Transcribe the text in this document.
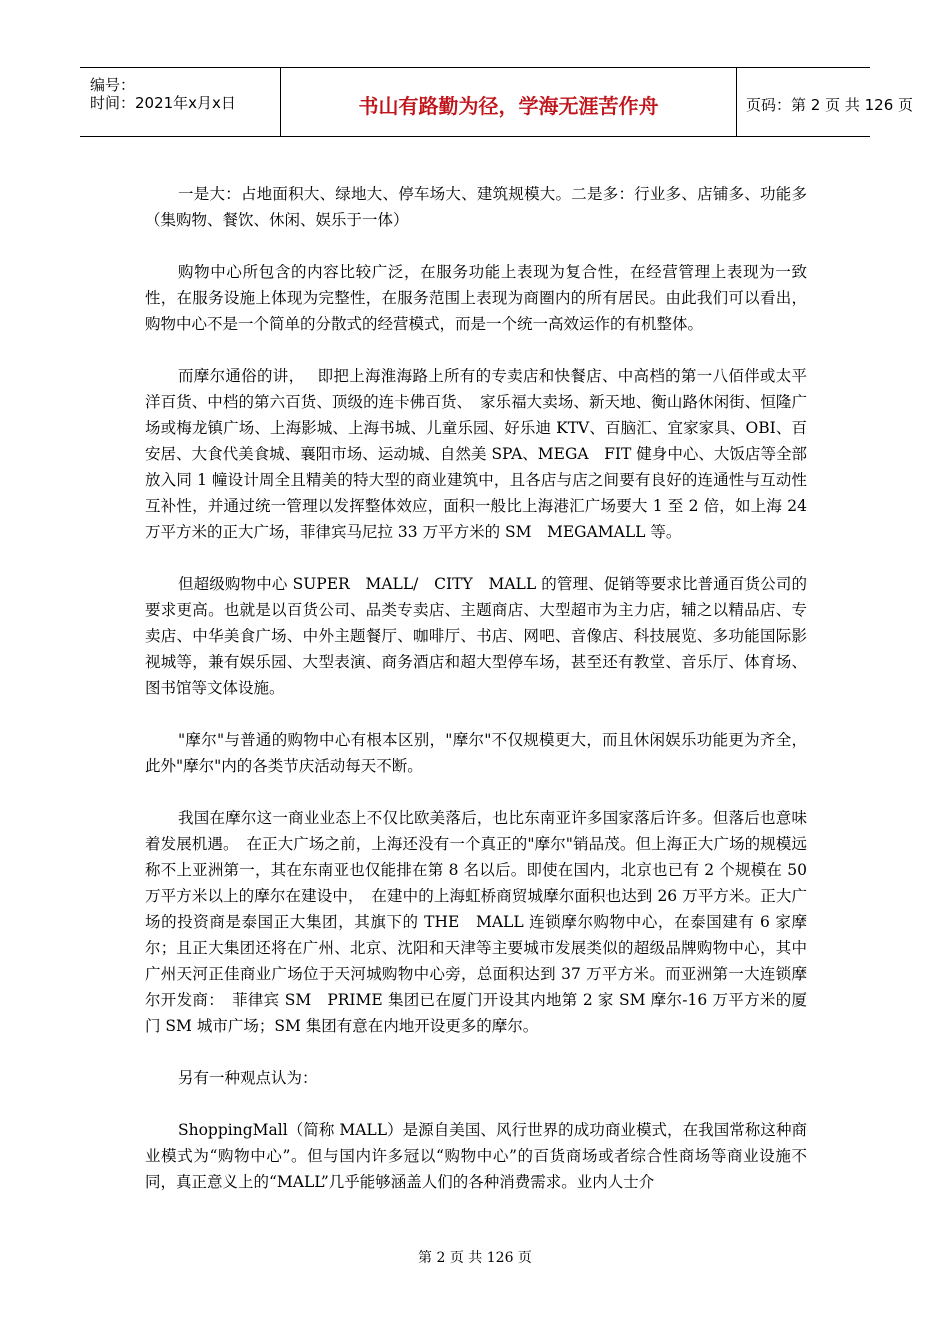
编号：
时间：2021年x月x日	书山有路勤为径，学海无涯苦作舟	页码：第 2 页 共 126 页

一是大：占地面积大、绿地大、停车场大、建筑规模大。二是多：行业多、店铺多、功能多（集购物、餐饮、休闲、娱乐于一体）

购物中心所包含的内容比较广泛，在服务功能上表现为复合性，在经营管理上表现为一致性，在服务设施上体现为完整性，在服务范围上表现为商圈内的所有居民。由此我们可以看出，购物中心不是一个简单的分散式的经营模式，而是一个统一高效运作的有机整体。

而摩尔通俗的讲，　 即把上海淮海路上所有的专卖店和快餐店、中高档的第一八佰伴或太平洋百货、中档的第六百货、顶级的连卡佛百货、　家乐福大卖场、新天地、衡山路休闲街、恒隆广场或梅龙镇广场、上海影城、上海书城、儿童乐园、好乐迪 KTV、百脑汇、宜家家具、OBI、百安居、大食代美食城、襄阳市场、运动城、自然美 SPA、MEGA　FIT 健身中心、大饭店等全部放入同 1 幢设计周全且精美的特大型的商业建筑中，且各店与店之间要有良好的连通性与互动性互补性，并通过统一管理以发挥整体效应，面积一般比上海港汇广场要大 1 至 2 倍，如上海 24 万平方米的正大广场，菲律宾马尼拉 33 万平方米的 SM　MEGAMALL 等。

但超级购物中心 SUPER　MALL/　CITY　MALL 的管理、促销等要求比普通百货公司的要求更高。也就是以百货公司、品类专卖店、主题商店、大型超市为主力店，辅之以精品店、专卖店、中华美食广场、中外主题餐厅、咖啡厅、书店、网吧、音像店、科技展览、多功能国际影视城等，兼有娱乐园、大型表演、商务酒店和超大型停车场，甚至还有教堂、音乐厅、体育场、图书馆等文体设施。

"摩尔"与普通的购物中心有根本区别，"摩尔"不仅规模更大，而且休闲娱乐功能更为齐全，此外"摩尔"内的各类节庆活动每天不断。

我国在摩尔这一商业业态上不仅比欧美落后，也比东南亚许多国家落后许多。但落后也意味着发展机遇。　在正大广场之前，上海还没有一个真正的"摩尔"销品茂。但上海正大广场的规模远称不上亚洲第一，其在东南亚也仅能排在第 8 名以后。即使在国内，北京也已有 2 个规模在 50 万平方米以上的摩尔在建设中，　在建中的上海虹桥商贸城摩尔面积也达到 26 万平方米。正大广场的投资商是泰国正大集团，其旗下的 THE　MALL 连锁摩尔购物中心，在泰国建有 6 家摩尔；且正大集团还将在广州、北京、沈阳和天津等主要城市发展类似的超级品牌购物中心，其中广州天河正佳商业广场位于天河城购物中心旁，总面积达到 37 万平方米。而亚洲第一大连锁摩尔开发商：　菲律宾 SM　PRIME 集团已在厦门开设其内地第 2 家 SM 摩尔-16 万平方米的厦门 SM 城市广场；SM 集团有意在内地开设更多的摩尔。

另有一种观点认为：

ShoppingMall（简称 MALL）是源自美国、风行世界的成功商业模式，在我国常称这种商业模式为“购物中心”。但与国内许多冠以“购物中心”的百货商场或者综合性商场等商业设施不同，真正意义上的“MALL”几乎能够涵盖人们的各种消费需求。业内人士介

第 2 页 共 126 页
